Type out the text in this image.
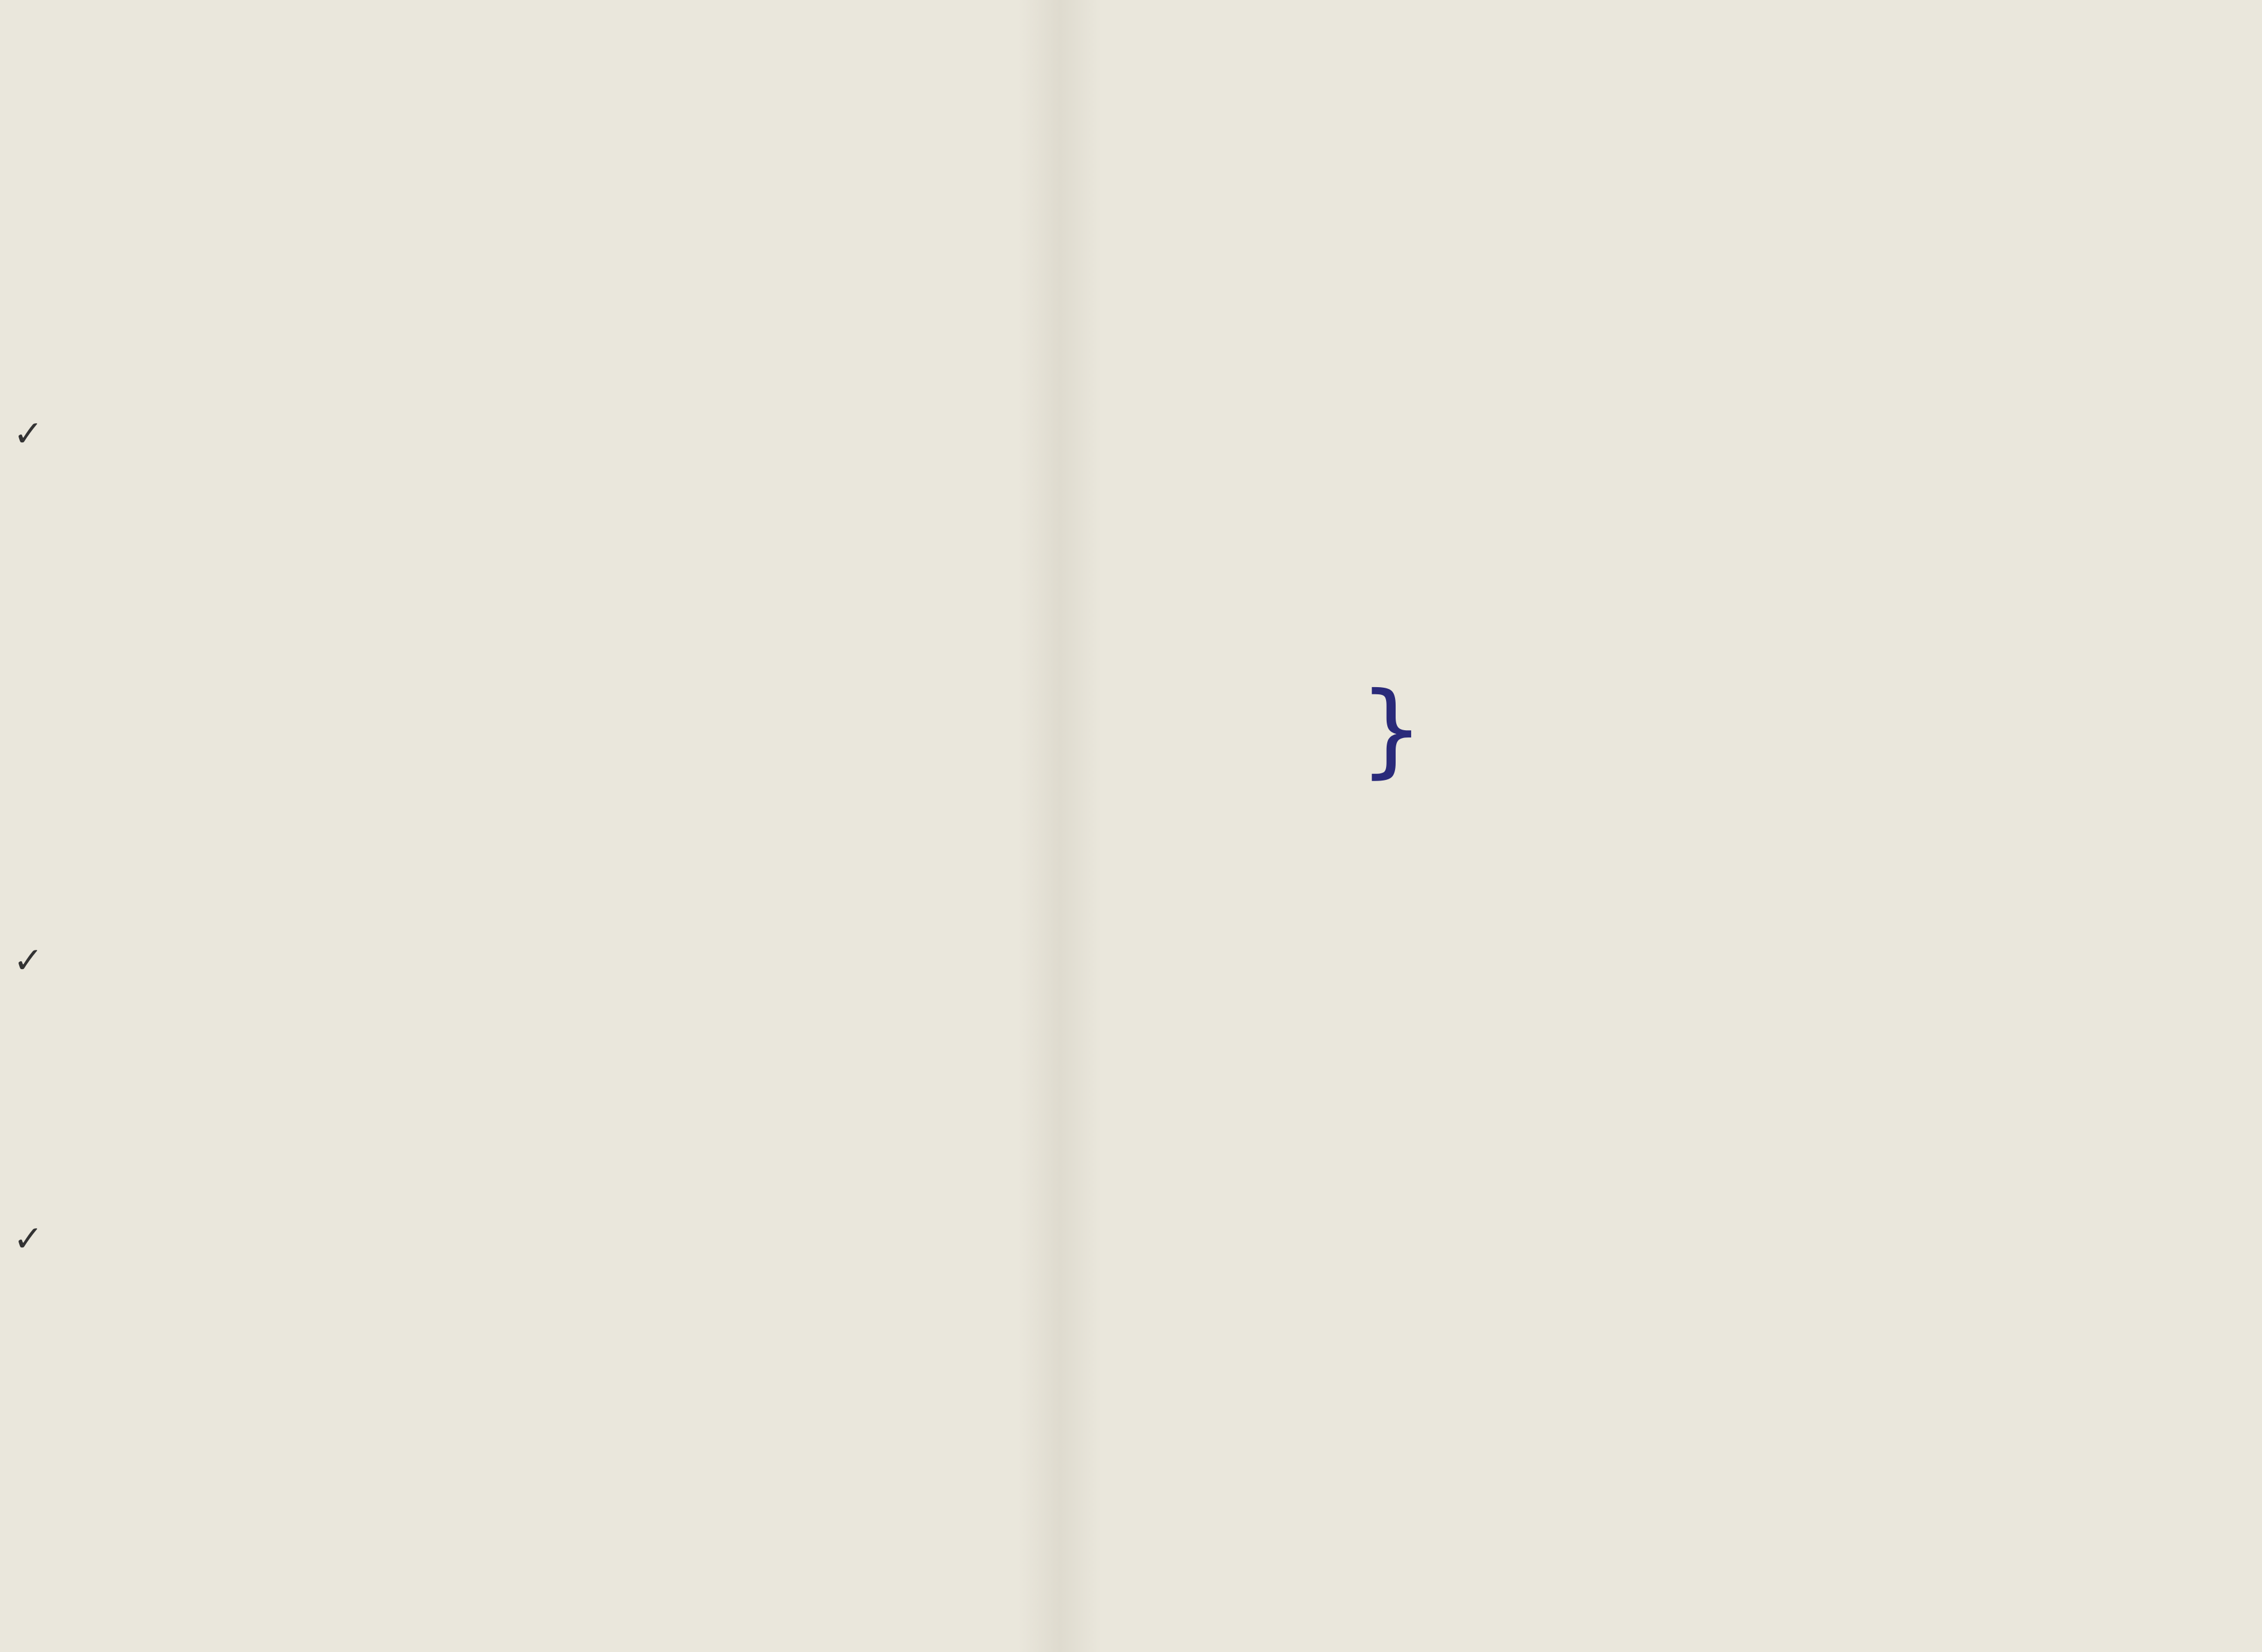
}
✓
✓
✓
